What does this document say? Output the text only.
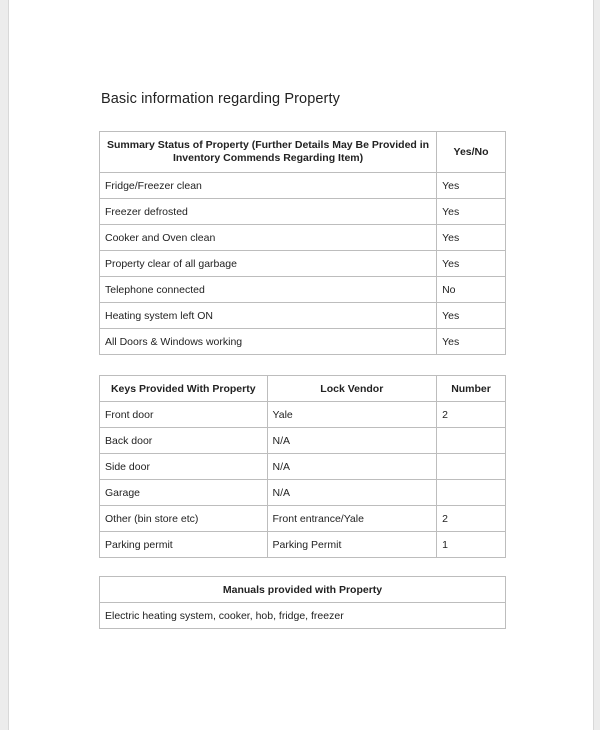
Basic information regarding Property
Summary Status of Property (Further Details May Be Provided in Inventory Commends Regarding Item)	Yes/No
Fridge/Freezer clean	Yes
Freezer defrosted	Yes
Cooker and Oven clean	Yes
Property clear of all garbage	Yes
Telephone connected	No
Heating system left ON	Yes
All Doors & Windows working	Yes
Keys Provided With Property	Lock Vendor	Number
Front door	Yale	2
Back door	N/A	
Side door	N/A	
Garage	N/A	
Other (bin store etc)	Front entrance/Yale	2
Parking permit	Parking Permit	1
Manuals provided with Property
Electric heating system, cooker, hob, fridge, freezer
